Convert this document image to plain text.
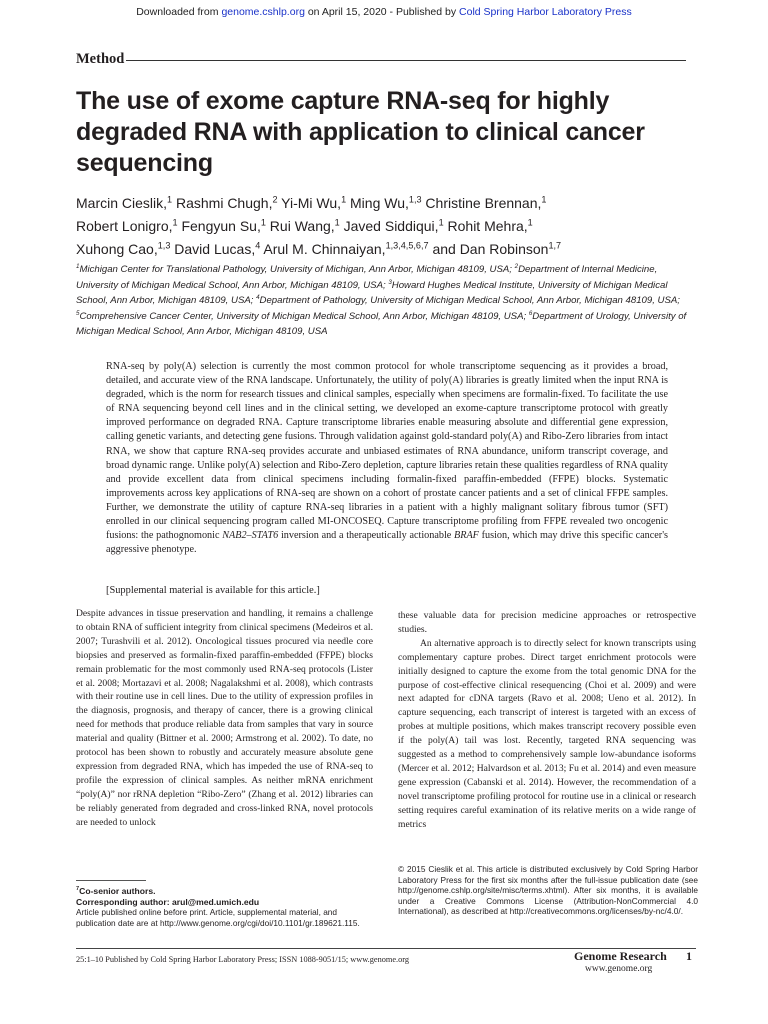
Downloaded from genome.cshlp.org on April 15, 2020 - Published by Cold Spring Harbor Laboratory Press
Method
The use of exome capture RNA-seq for highly degraded RNA with application to clinical cancer sequencing
Marcin Cieslik,$^1$ Rashmi Chugh,$^2$ Yi-Mi Wu,$^1$ Ming Wu,$^{1,3}$ Christine Brennan,$^1$
Robert Lonigro,$^1$ Fengyun Su,$^1$ Rui Wang,$^1$ Javed Siddiqui,$^1$ Rohit Mehra,$^1$
Xuhong Cao,$^{1,3}$ David Lucas,$^4$ Arul M. Chinnaiyan,$^{1,3,4,5,6,7}$ and Dan Robinson$^{1,7}$
$^1$Michigan Center for Translational Pathology, University of Michigan, Ann Arbor, Michigan 48109, USA; $^2$Department of Internal Medicine, University of Michigan Medical School, Ann Arbor, Michigan 48109, USA; $^3$Howard Hughes Medical Institute, University of Michigan Medical School, Ann Arbor, Michigan 48109, USA; $^4$Department of Pathology, University of Michigan Medical School, Ann Arbor, Michigan 48109, USA; $^5$Comprehensive Cancer Center, University of Michigan Medical School, Ann Arbor, Michigan 48109, USA; $^6$Department of Urology, University of Michigan Medical School, Ann Arbor, Michigan 48109, USA

RNA-seq by poly(A) selection is currently the most common protocol for whole transcriptome sequencing as it provides a broad, detailed, and accurate view of the RNA landscape. Unfortunately, the utility of poly(A) libraries is greatly limited when the input RNA is degraded, which is the norm for research tissues and clinical samples, especially when specimens are formalin-fixed. To facilitate the use of RNA sequencing beyond cell lines and in the clinical setting, we developed an exome-capture transcriptome protocol with greatly improved performance on degraded RNA. Capture transcriptome libraries enable measuring absolute and differential gene expression, calling genetic variants, and detecting gene fusions. Through validation against gold-standard poly(A) and Ribo-Zero libraries from intact RNA, we show that capture RNA-seq provides accurate and unbiased estimates of RNA abundance, uniform transcript coverage, and broad dynamic range. Unlike poly(A) selection and Ribo-Zero depletion, capture libraries retain these qualities regardless of RNA quality and provide excellent data from clinical specimens including formalin-fixed paraffin-embedded (FFPE) blocks. Systematic improvements across key applications of RNA-seq are shown on a cohort of prostate cancer patients and a set of clinical FFPE samples. Further, we demonstrate the utility of capture RNA-seq libraries in a patient with a highly malignant solitary fibrous tumor (SFT) enrolled in our clinical sequencing program called MI-ONCOSEQ. Capture transcriptome profiling from FFPE revealed two oncogenic fusions: the pathognomonic NAB2–STAT6 inversion and a therapeutically actionable BRAF fusion, which may drive this specific cancer's aggressive phenotype.

[Supplemental material is available for this article.]

Despite advances in tissue preservation and handling, it remains a challenge to obtain RNA of sufficient integrity from clinical specimens (Medeiros et al. 2007; Turashvili et al. 2012). Oncological tissues procured via needle core biopsies and preserved as formalin-fixed paraffin-embedded (FFPE) blocks remain problematic for the most commonly used RNA-seq protocols (Lister et al. 2008; Mortazavi et al. 2008; Nagalakshmi et al. 2008), which contrasts with their routine use in cell lines. Due to the utility of expression profiles in the diagnosis, prognosis, and therapy of cancer, there is a growing clinical need for methods that produce reliable data from samples that vary in source material and quality (Bittner et al. 2000; Armstrong et al. 2002). To date, no protocol has been shown to robustly and accurately measure absolute gene expression from degraded RNA, which has impeded the use of RNA-seq to profile the expression of clinical samples. As neither mRNA enrichment “poly(A)” nor rRNA depletion “Ribo-Zero” (Zhang et al. 2012) libraries can be reliably generated from degraded and cross-linked RNA, novel protocols are needed to unlock

these valuable data for precision medicine approaches or retrospective studies.

An alternative approach is to directly select for known transcripts using complementary capture probes. Direct target enrichment protocols were initially designed to capture the exome from the total genomic DNA for the purpose of cost-effective clinical resequencing (Choi et al. 2009) and were next adapted for cDNA targets (Ravo et al. 2008; Ueno et al. 2012). In capture sequencing, each transcript of interest is targeted with an excess of probes at multiple positions, which makes transcript recovery possible even if the poly(A) tail was lost. Recently, targeted RNA sequencing was suggested as a method to comprehensively sample low-abundance isoforms (Mercer et al. 2012; Halvardson et al. 2013; Fu et al. 2014) and even measure gene expression (Cabanski et al. 2014). However, the recommendation of a novel transcriptome profiling protocol for routine use in a clinical or research setting requires careful examination of its relative merits on a wide range of metrics

$^7$Co-senior authors.
Corresponding author: arul@med.umich.edu
Article published online before print. Article, supplemental material, and publication date are at http://www.genome.org/cgi/doi/10.1101/gr.189621.115.

© 2015 Cieslik et al. This article is distributed exclusively by Cold Spring Harbor Laboratory Press for the first six months after the full-issue publication date (see http://genome.cshlp.org/site/misc/terms.xhtml). After six months, it is available under a Creative Commons License (Attribution-NonCommercial 4.0 International), as described at http://creativecommons.org/licenses/by-nc/4.0/.

25:1–10 Published by Cold Spring Harbor Laboratory Press; ISSN 1088-9051/15; www.genome.org	Genome Research 1
www.genome.org
